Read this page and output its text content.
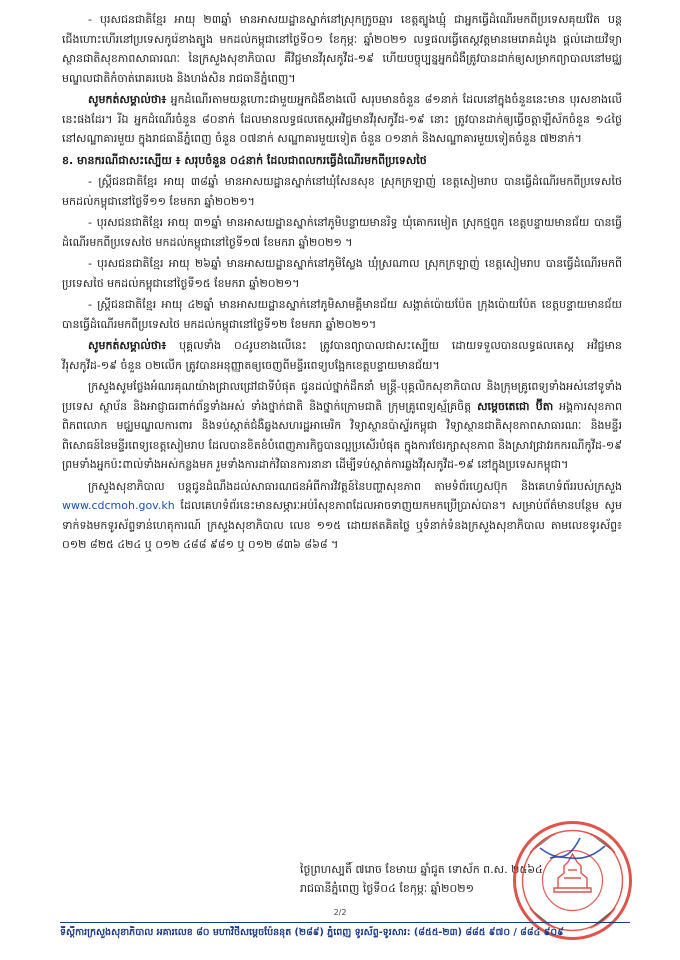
- បុរសជនជាតិខ្មែរ អាយុ ២៣ឆ្នាំ មានអាសយដ្ឋានស្នាក់នៅស្រុកក្រូចឆ្មារ ខេត្តត្បូងឃ្មុំ ជាអ្នកធ្វើដំណើរមកពីប្រទេសគុយវ៉ែត បន្តជើងហោះហើរនៅប្រទេសកូរ៉េខាងត្បូង មកដល់កម្ពុជានៅថ្ងៃទី០១ ខែកុម្ភៈ ឆ្នាំ២០២១ លទ្ធផលធ្វើតេស្តវត្តមានមេរោគដំបូង ផ្តល់ដោយវិទ្យាស្ថានជាតិសុខភាពសាធារណៈ នៃក្រសួងសុខាភិបាល គឺវិជ្ជមានវីរុសកូវីដ-១៩ ហើយបច្ចុប្បន្នអ្នកជំងឺត្រូវបានដាក់ឲ្យសម្រាកព្យាបាលនៅមជ្ឈមណ្ឌលជាតិកំចាត់រោគរបេង និងហង់សិន រាជធានីភ្នំពេញ។

សូមកត់សម្គាល់ថា៖ អ្នកដំណើរតាមយន្តហោះជាមួយអ្នកជំងឺខាងលើ សរុបមានចំនួន ៨១នាក់ ដែលនៅក្នុងចំនួននេះមាន បុរសខាងលើនេះផងដែរ។ រីឯ អ្នកដំណើរចំនួន ៨០នាក់ ដែលមានលទ្ធផលតេស្តអវិជ្ជមានវីរុសកូវីដ-១៩ នោះ ត្រូវបានដាក់ឲ្យធ្វើចត្តាឡីស័កចំនួន ១៤ថ្ងៃ នៅសណ្ឋាគារមួយ ក្នុងរាជធានីភ្នំពេញ ចំនួន ០៧នាក់ សណ្ឋាគារមួយទៀត ចំនួន ០១នាក់ និងសណ្ឋាគារមួយទៀតចំនួន ៧២នាក់។

ខ. មានករណីជាសះស្បើយ ៖ សរុបចំនួន ០៤នាក់ ដែលជាពលករធ្វើដំណើរមកពីប្រទេសថៃ

- ស្ត្រីជនជាតិខ្មែរ អាយុ ៣៨ឆ្នាំ មានអាសយដ្ឋានស្នាក់នៅឃុំសែនសុខ ស្រុកក្រឡាញ់ ខេត្តសៀមរាប បានធ្វើដំណើរមកពីប្រទេសថៃ មកដល់កម្ពុជានៅថ្ងៃទី១១ ខែមករា ឆ្នាំ២០២១។

- បុរសជនជាតិខ្មែរ អាយុ ៣១ឆ្នាំ មានអាសយដ្ឋានស្នាក់នៅភូមិបន្ទាយមានរិទ្ធ ឃុំគោករមៀត ស្រុកថ្មពួក ខេត្តបន្ទាយមានជ័យ បានធ្វើដំណើរមកពីប្រទេសថៃ មកដល់កម្ពុជានៅថ្ងៃទី១៧ ខែមករា ឆ្នាំ២០២១ ។

- បុរសជនជាតិខ្មែរ អាយុ ២៦ឆ្នាំ មានអាសយដ្ឋានស្នាក់នៅភូមិស្លែង ឃុំស្រណាល ស្រុកក្រឡាញ់ ខេត្តសៀមរាប បានធ្វើដំណើរមកពីប្រទេសថៃ មកដល់កម្ពុជានៅថ្ងៃទី១៥ ខែមករា ឆ្នាំ២០២១។

- ស្ត្រីជនជាតិខ្មែរ អាយុ ៤២ឆ្នាំ មានអាសយដ្ឋានស្នាក់នៅភូមិសាមគ្គីមានជ័យ សង្កាត់ប៉ោយប៉ែត ក្រុងប៉ោយប៉ែត ខេត្តបន្ទាយមានជ័យ បានធ្វើដំណើរមកពីប្រទេសថៃ មកដល់កម្ពុជានៅថ្ងៃទី១២ ខែមករា ឆ្នាំ២០២១។

សូមកត់សម្គាល់ថា៖ បុគ្គលទាំង ០៤រូបខាងលើនេះ ត្រូវបានព្យាបាលជាសះស្បើយ ដោយទទួលបានលទ្ធផលតេស្ត អវិជ្ជមានវីរុសកូវីដ-១៩ ចំនួន ០២លើក ត្រូវបានអនុញ្ញាតឲ្យចេញពីមន្ទីរពេទ្យបង្អែកខេត្តបន្ទាយមានជ័យ។

ក្រសួងសូមថ្លែងអំណរគុណយ៉ាងជ្រាលជ្រៅជាទីបំផុត ជូនដល់ថ្នាក់ដឹកនាំ មន្ត្រី-បុគ្គលិកសុខាភិបាល និងក្រុមគ្រូពេទ្យទាំងអស់នៅទូទាំងប្រទេស ស្ថាប័ន និងអាជ្ញាធរពាក់ព័ន្ធទាំងអស់ ទាំងថ្នាក់ជាតិ និងថ្នាក់ក្រោមជាតិ ក្រុមគ្រូពេទ្យស្ម័គ្រចិត្ត សម្តេចតេជោ ប៊ីតា អង្គការសុខភាពពិភពលោក មជ្ឈមណ្ឌលការពារ និងទប់ស្កាត់ជំងឺឆ្លងសហរដ្ឋអាមេរិក វិទ្យាស្ថានប៉ាស្ទ័រកម្ពុជា វិទ្យាស្ថានជាតិសុខភាពសាធារណៈ និងមន្ទីរពិសោធន៍នៃមន្ទីរពេទ្យខេត្តសៀមរាប ដែលបានខិតខំបំពេញភារកិច្ចបានល្អប្រសើរបំផុត ក្នុងការថែរក្សាសុខភាព និងស្រាវជ្រាវរកករណីកូវីដ-១៩ ព្រមទាំងអ្នកប៉ះពាល់ទាំងអស់កន្លងមក រួមទាំងការដាក់វិធានការនានា ដើម្បីទប់ស្កាត់ការឆ្លងវីរុសកូវីដ-១៩ នៅក្នុងប្រទេសកម្ពុជា។

ក្រសួងសុខាភិបាល បន្តជូនដំណឹងដល់សាធារណជនអំពីការវិវត្តន៍នៃបញ្ហាសុខភាព តាមទំព័រហ្វេសប៊ុក និងគេហទំព័ររបស់ក្រសួង www.cdcmoh.gov.kh ដែលគេហទំព័រនេះមានសម្ភារៈអប់រំសុខភាពដែលអាចទាញយកមកប្រើប្រាស់បាន។ សម្រាប់ព័ត៌មានបន្ថែម សូមទាក់ទងមកទូរស័ព្ទទាន់ហេតុការណ៍ ក្រសួងសុខាភិបាល លេខ ១១៥ ដោយឥតគិតថ្លៃ ឬទំនាក់ទំនងក្រសួងសុខាភិបាល តាមលេខទូរស័ព្ទ៖ ០១២ ៨២៥ ៤២៤ ឬ ០១២ ៤៨៨ ៩៨១ ឬ ០១២ ៨៣៦ ៨៦៨ ។

ថ្ងៃព្រហស្បតិ៍ ៧រោច ខែមាឃ ឆ្នាំជូត ទោស័ក ព.ស. ២៥៦៤
រាជធានីភ្នំពេញ ថ្ងៃទី០៤ ខែកុម្ភៈ ឆ្នាំ២០២១
2/2
ទីស្តីការក្រសួងសុខាភិបាល អគារលេខ ៨០ មហាវិថីសម្តេចប៉ែននុត (២៨៩) ភ្នំពេញ ទូរស័ព្ទ-ទូរសារ: (៨៥៥-២៣) ៨៨៥ ៩៧០ / ៨៨៤ ៩០៩
